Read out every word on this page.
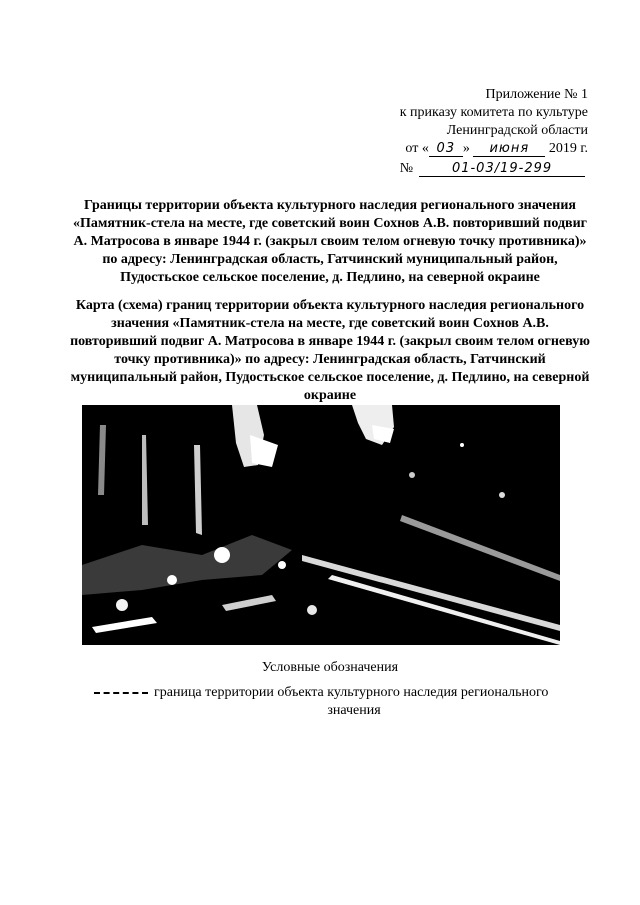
Приложение № 1
к приказу комитета по культуре
Ленинградской области
от « 03 » июня 2019 г.
№	01-03/19-299
Границы территории объекта культурного наследия регионального значения «Памятник-стела на месте, где советский воин Сохнов А.В. повторивший подвиг А. Матросова в январе 1944 г. (закрыл своим телом огневую точку противника)» по адресу: Ленинградская область, Гатчинский муниципальный район, Пудостьское сельское поселение, д. Педлино, на северной окраине
Карта (схема) границ территории объекта культурного наследия регионального значения «Памятник-стела на месте, где советский воин Сохнов А.В. повторивший подвиг А. Матросова в январе 1944 г. (закрыл своим телом огневую точку противника)» по адресу: Ленинградская область, Гатчинский муниципальный район, Пудостьское сельское поселение, д. Педлино, на северной окраине
Условные обозначения
граница территории объекта культурного наследия регионального
значения
